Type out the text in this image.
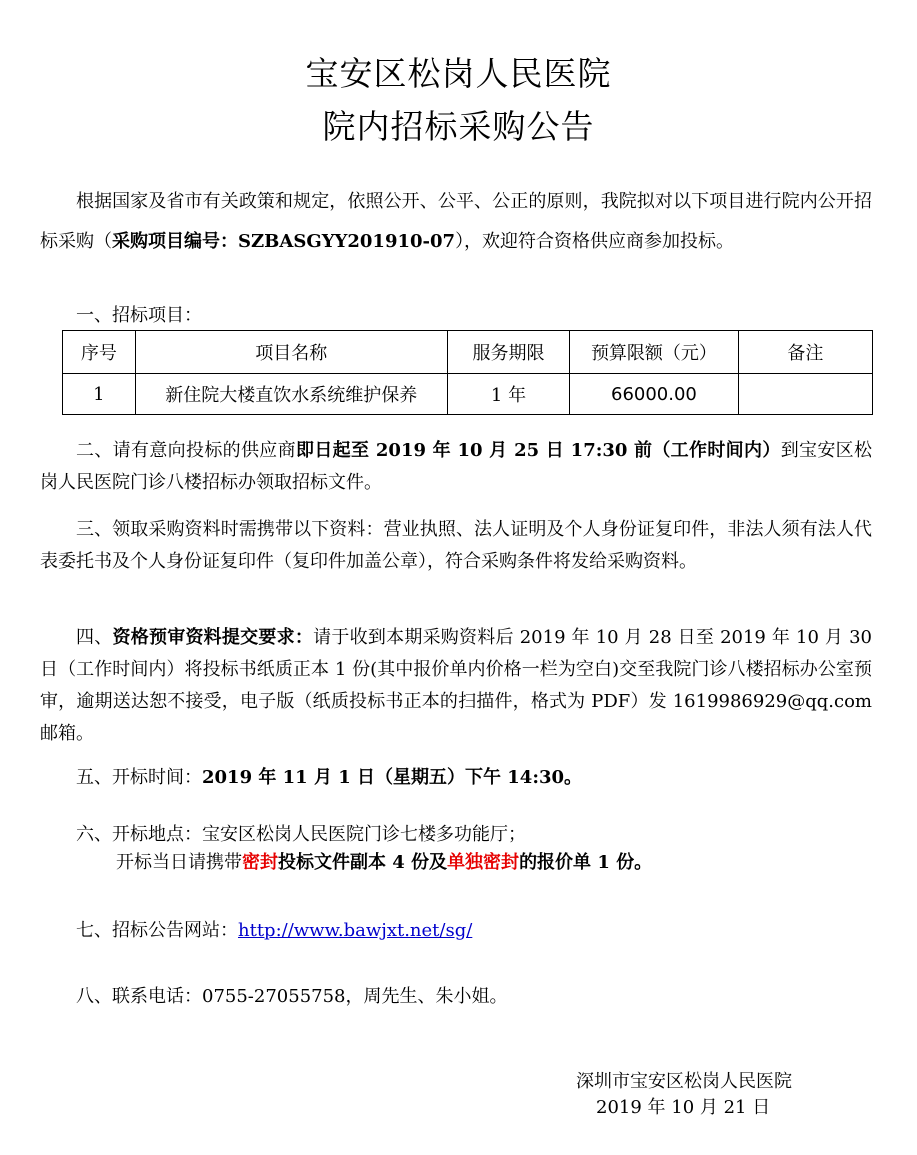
宝安区松岗人民医院
院内招标采购公告

根据国家及省市有关政策和规定，依照公开、公平、公正的原则，我院拟对以下项目进行院内公开招标采购（采购项目编号：SZBASGYY201910-07），欢迎符合资格供应商参加投标。

一、招标项目：

序号	项目名称	服务期限	预算限额（元）	备注
1	新住院大楼直饮水系统维护保养	1 年	66000.00	

二、请有意向投标的供应商即日起至 2019 年 10 月 25 日 17:30 前（工作时间内）到宝安区松岗人民医院门诊八楼招标办领取招标文件。

三、领取采购资料时需携带以下资料：营业执照、法人证明及个人身份证复印件，非法人须有法人代表委托书及个人身份证复印件（复印件加盖公章），符合采购条件将发给采购资料。

四、资格预审资料提交要求：请于收到本期采购资料后 2019 年 10 月 28 日至 2019 年 10 月 30 日（工作时间内）将投标书纸质正本 1 份(其中报价单内价格一栏为空白)交至我院门诊八楼招标办公室预审，逾期送达恕不接受，电子版（纸质投标书正本的扫描件，格式为 PDF）发 1619986929@qq.com 邮箱。

五、开标时间：2019 年 11 月 1 日（星期五）下午 14:30。

六、开标地点：宝安区松岗人民医院门诊七楼多功能厅；

开标当日请携带密封投标文件副本 4 份及单独密封的报价单 1 份。

七、招标公告网站：http://www.bawjxt.net/sg/

八、联系电话：0755-27055758，周先生、朱小姐。

深圳市宝安区松岗人民医院

2019 年 10 月 21 日
